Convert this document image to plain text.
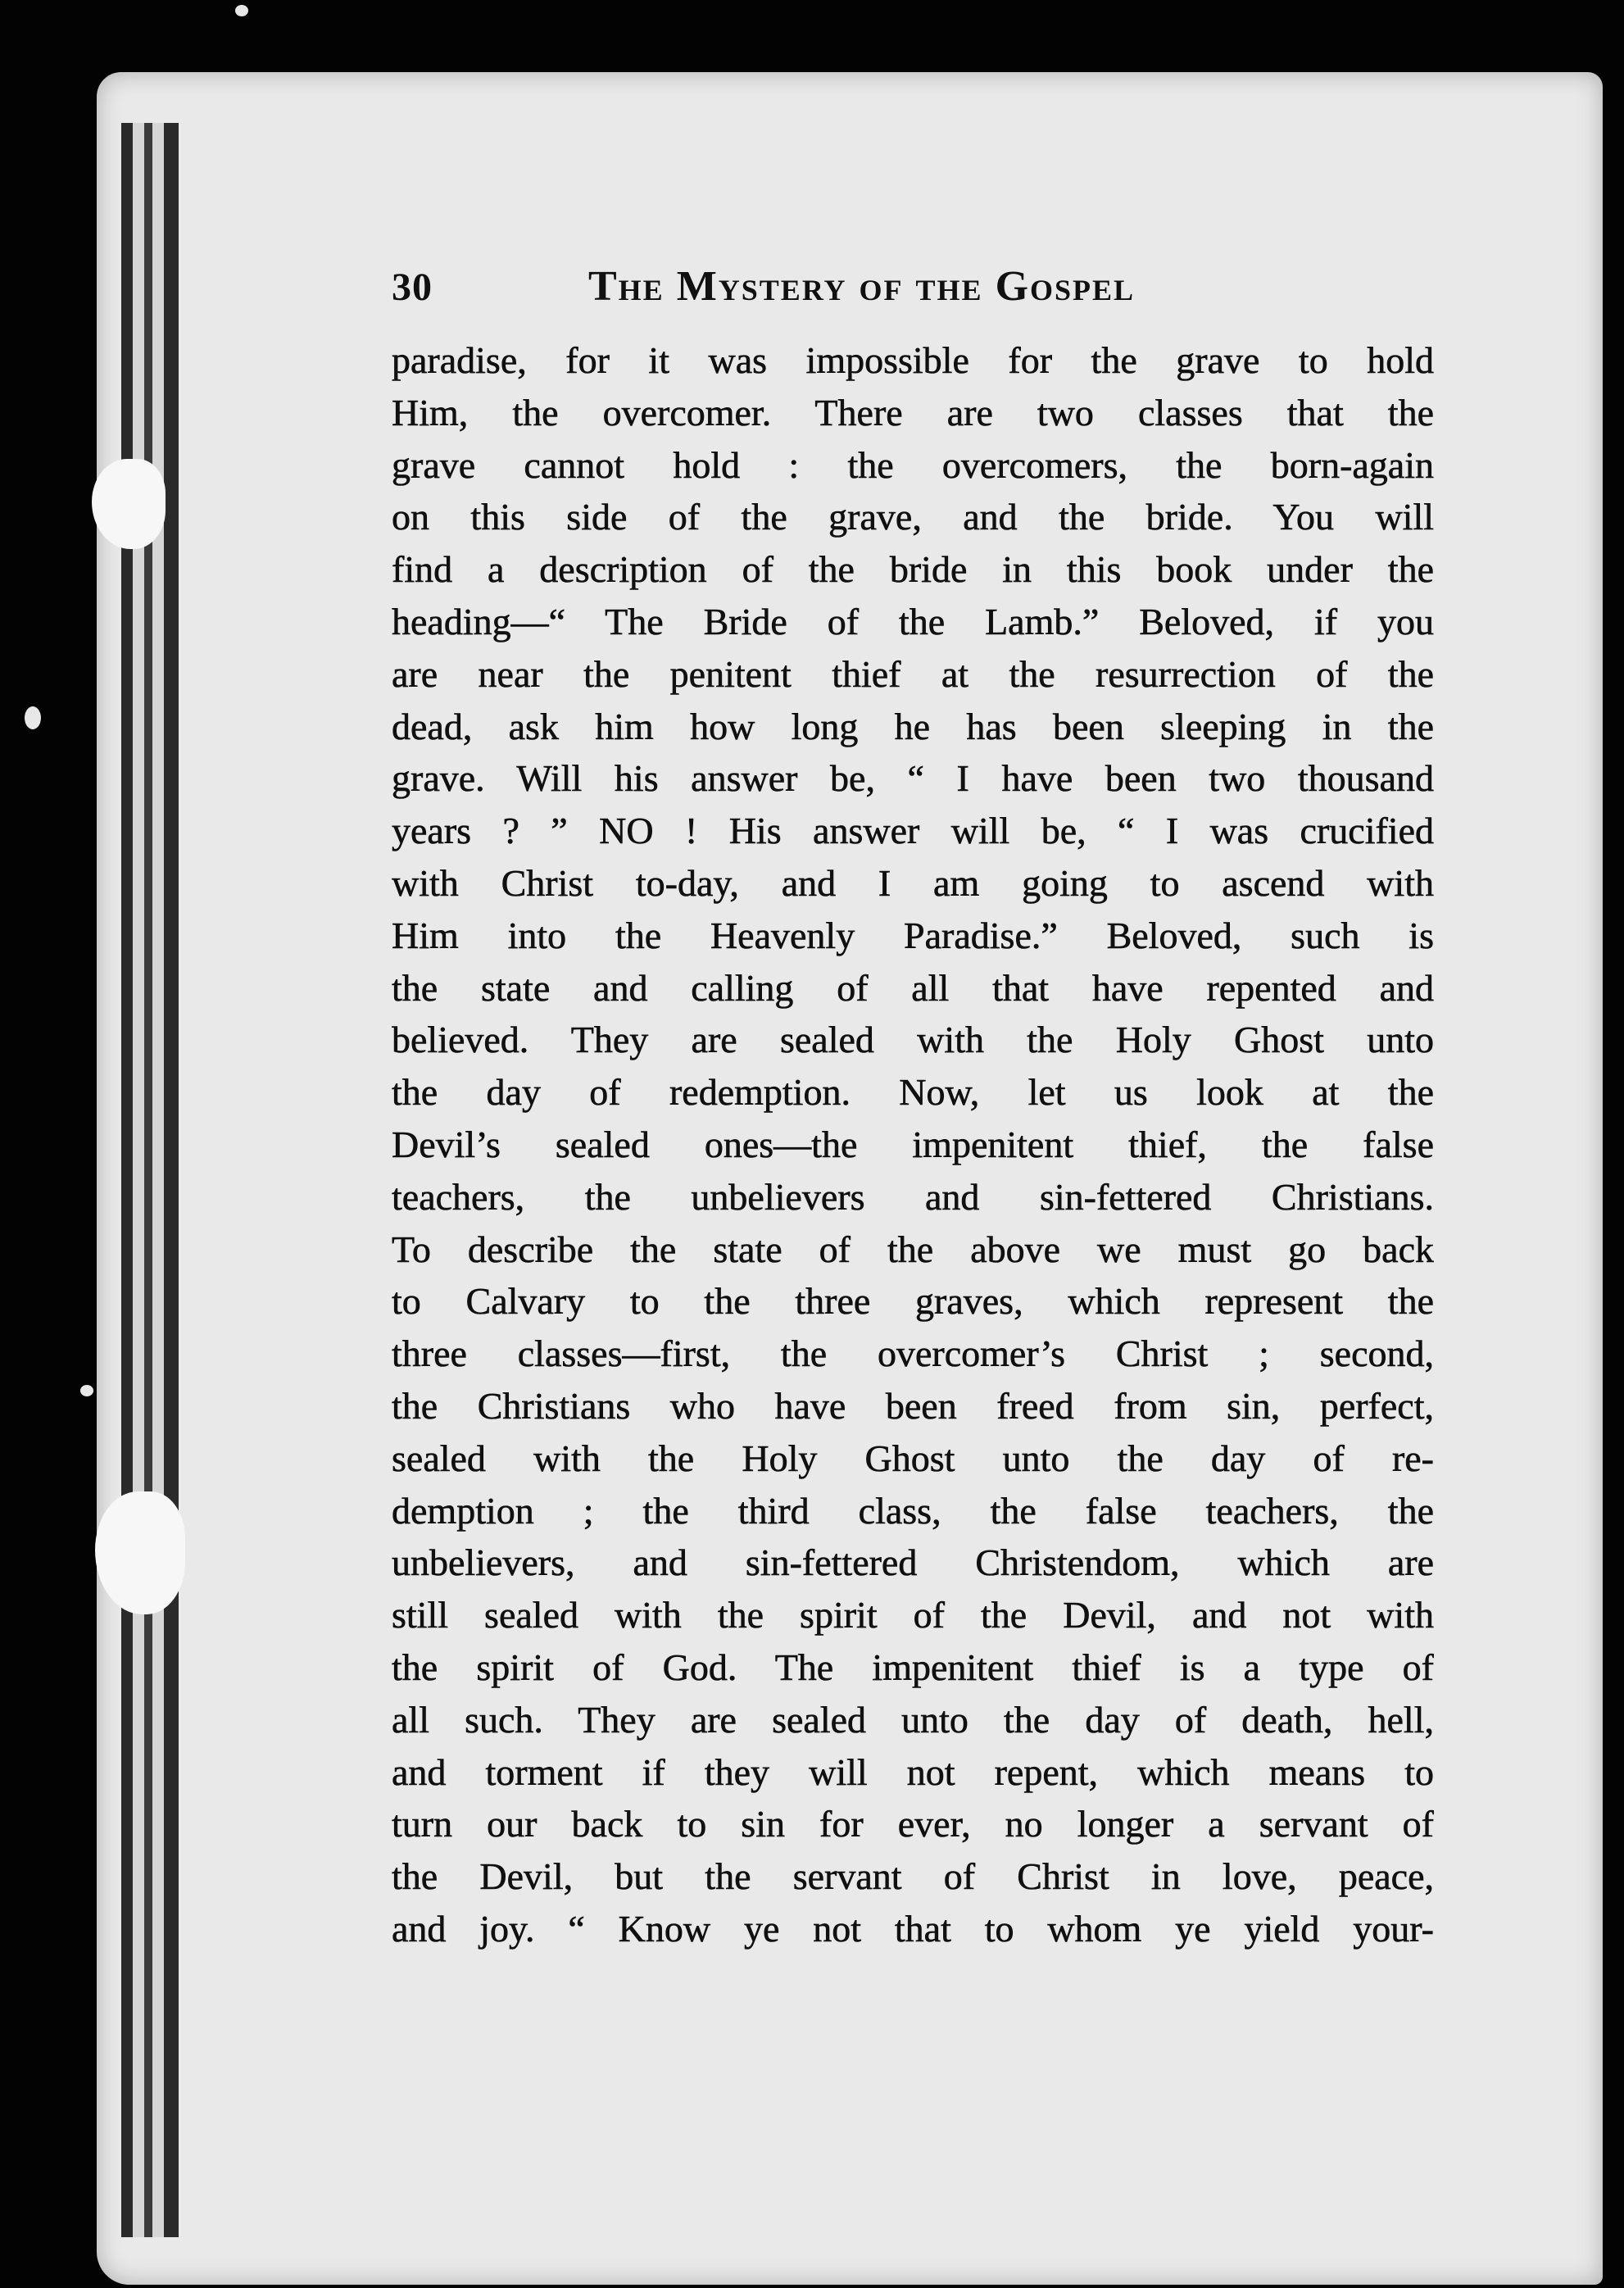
30	The Mystery of the Gospel
paradise, for it was impossible for the grave to hold
Him, the overcomer. There are two classes that the
grave cannot hold : the overcomers, the born-again
on this side of the grave, and the bride. You will
find a description of the bride in this book under the
heading—“ The Bride of the Lamb.” Beloved, if you
are near the penitent thief at the resurrection of the
dead, ask him how long he has been sleeping in the
grave. Will his answer be, “ I have been two thousand
years ? ” NO ! His answer will be, “ I was crucified
with Christ to-day, and I am going to ascend with
Him into the Heavenly Paradise.” Beloved, such is
the state and calling of all that have repented and
believed. They are sealed with the Holy Ghost unto
the day of redemption. Now, let us look at the
Devil’s sealed ones—the impenitent thief, the false
teachers, the unbelievers and sin-fettered Christians.
To describe the state of the above we must go back
to Calvary to the three graves, which represent the
three classes—first, the overcomer’s Christ ; second,
the Christians who have been freed from sin, perfect,
sealed with the Holy Ghost unto the day of re-
demption ; the third class, the false teachers, the
unbelievers, and sin-fettered Christendom, which are
still sealed with the spirit of the Devil, and not with
the spirit of God. The impenitent thief is a type of
all such. They are sealed unto the day of death, hell,
and torment if they will not repent, which means to
turn our back to sin for ever, no longer a servant of
the Devil, but the servant of Christ in love, peace,
and joy. “ Know ye not that to whom ye yield your-
